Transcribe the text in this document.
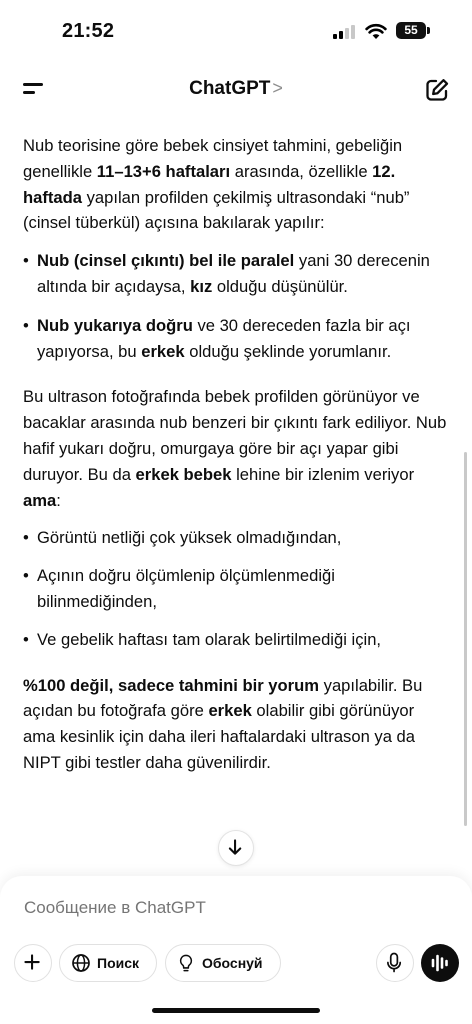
21:52	55
ChatGPT >

Nub teorisine göre bebek cinsiyet tahmini, gebeliğin genellikle 11–13+6 haftaları arasında, özellikle 12. haftada yapılan profilden çekilmiş ultrasondaki “nub” (cinsel tüberkül) açısına bakılarak yapılır:

• Nub (cinsel çıkıntı) bel ile paralel yani 30 derecenin altında bir açıdaysa, kız olduğu düşünülür.
• Nub yukarıya doğru ve 30 dereceden fazla bir açı yapıyorsa, bu erkek olduğu şeklinde yorumlanır.

Bu ultrason fotoğrafında bebek profilden görünüyor ve bacaklar arasında nub benzeri bir çıkıntı fark ediliyor. Nub hafif yukarı doğru, omurgaya göre bir açı yapar gibi duruyor. Bu da erkek bebek lehine bir izlenim veriyor ama:

• Görüntü netliği çok yüksek olmadığından,
• Açının doğru ölçümlenip ölçümlenmediği bilinmediğinden,
• Ve gebelik haftası tam olarak belirtilmediği için,

%100 değil, sadece tahmini bir yorum yapılabilir. Bu açıdan bu fotoğrafa göre erkek olabilir gibi görünüyor ama kesinlik için daha ileri haftalardaki ultrason ya da NIPT gibi testler daha güvenilirdir.

Сообщение в ChatGPT
Поиск	Обоснуй
